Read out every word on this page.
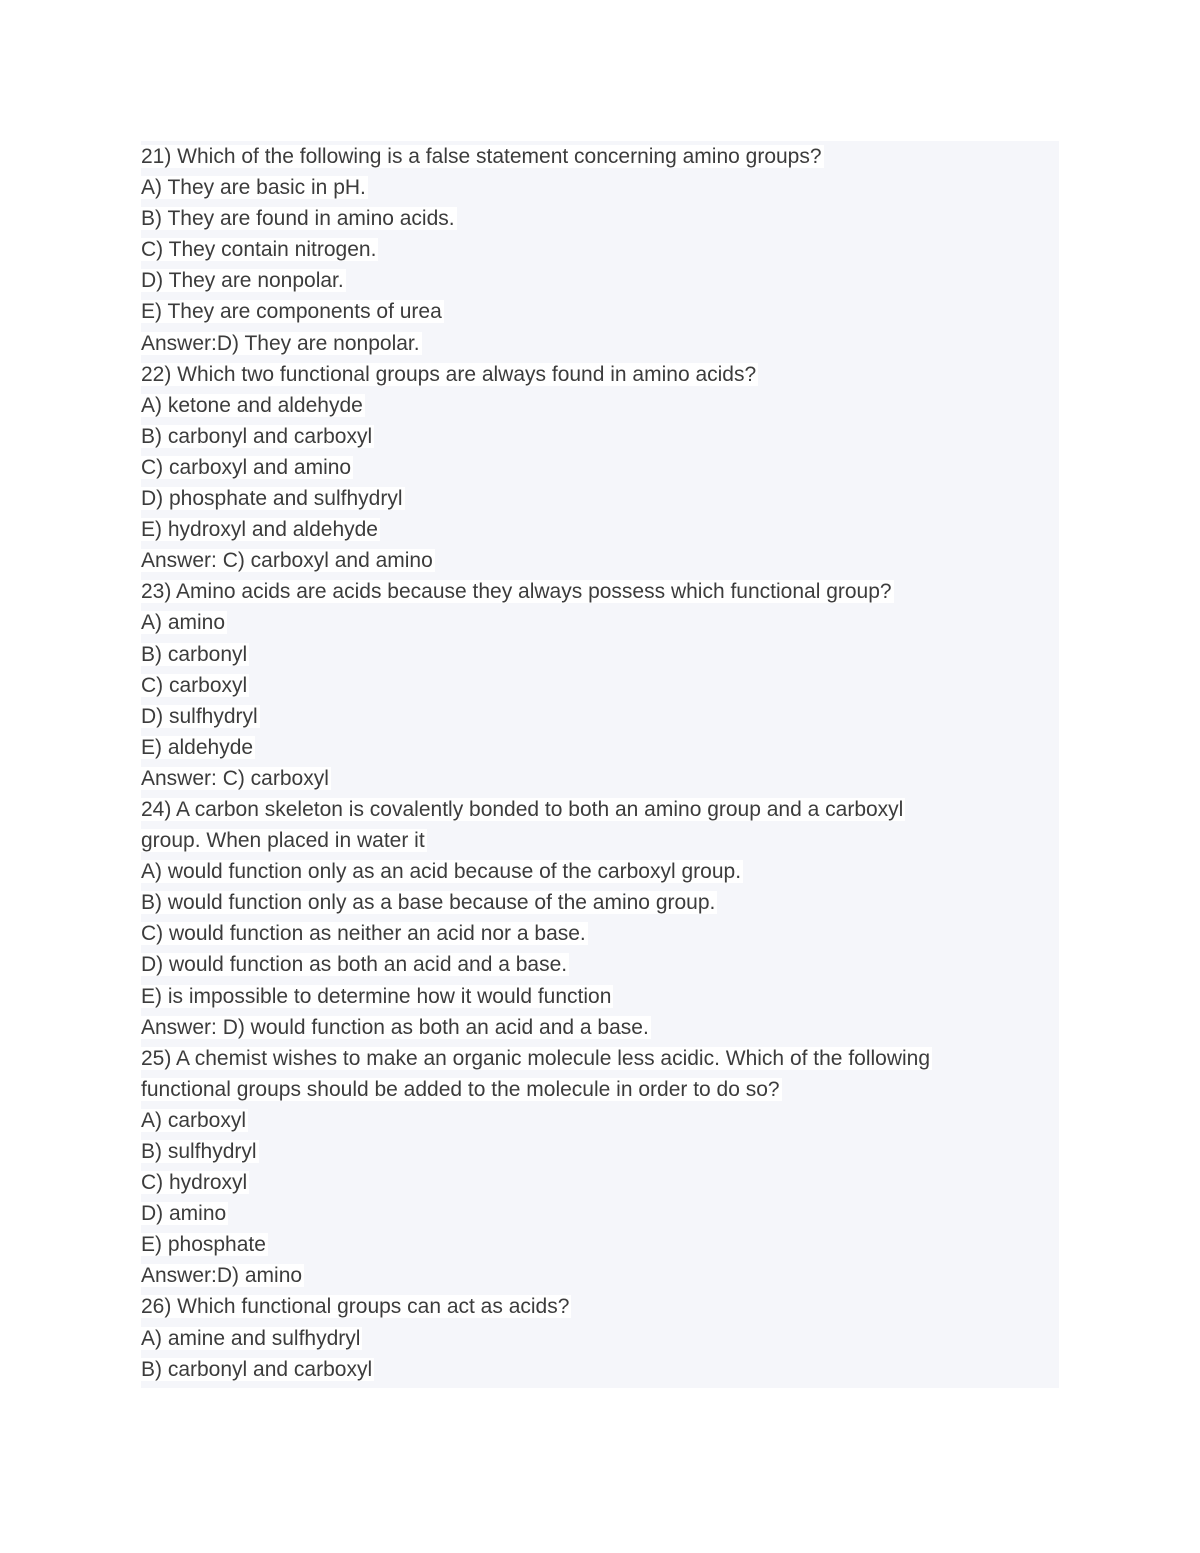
21) Which of the following is a false statement concerning amino groups?
A) They are basic in pH.
B) They are found in amino acids.
C) They contain nitrogen.
D) They are nonpolar.
E) They are components of urea
Answer:D) They are nonpolar.
22) Which two functional groups are always found in amino acids?
A) ketone and aldehyde
B) carbonyl and carboxyl
C) carboxyl and amino
D) phosphate and sulfhydryl
E) hydroxyl and aldehyde
Answer: C) carboxyl and amino
23) Amino acids are acids because they always possess which functional group?
A) amino
B) carbonyl
C) carboxyl
D) sulfhydryl
E) aldehyde
Answer: C) carboxyl
24) A carbon skeleton is covalently bonded to both an amino group and a carboxyl
group. When placed in water it
A) would function only as an acid because of the carboxyl group.
B) would function only as a base because of the amino group.
C) would function as neither an acid nor a base.
D) would function as both an acid and a base.
E) is impossible to determine how it would function
Answer: D) would function as both an acid and a base.
25) A chemist wishes to make an organic molecule less acidic. Which of the following
functional groups should be added to the molecule in order to do so?
A) carboxyl
B) sulfhydryl
C) hydroxyl
D) amino
E) phosphate
Answer:D) amino
26) Which functional groups can act as acids?
A) amine and sulfhydryl
B) carbonyl and carboxyl
